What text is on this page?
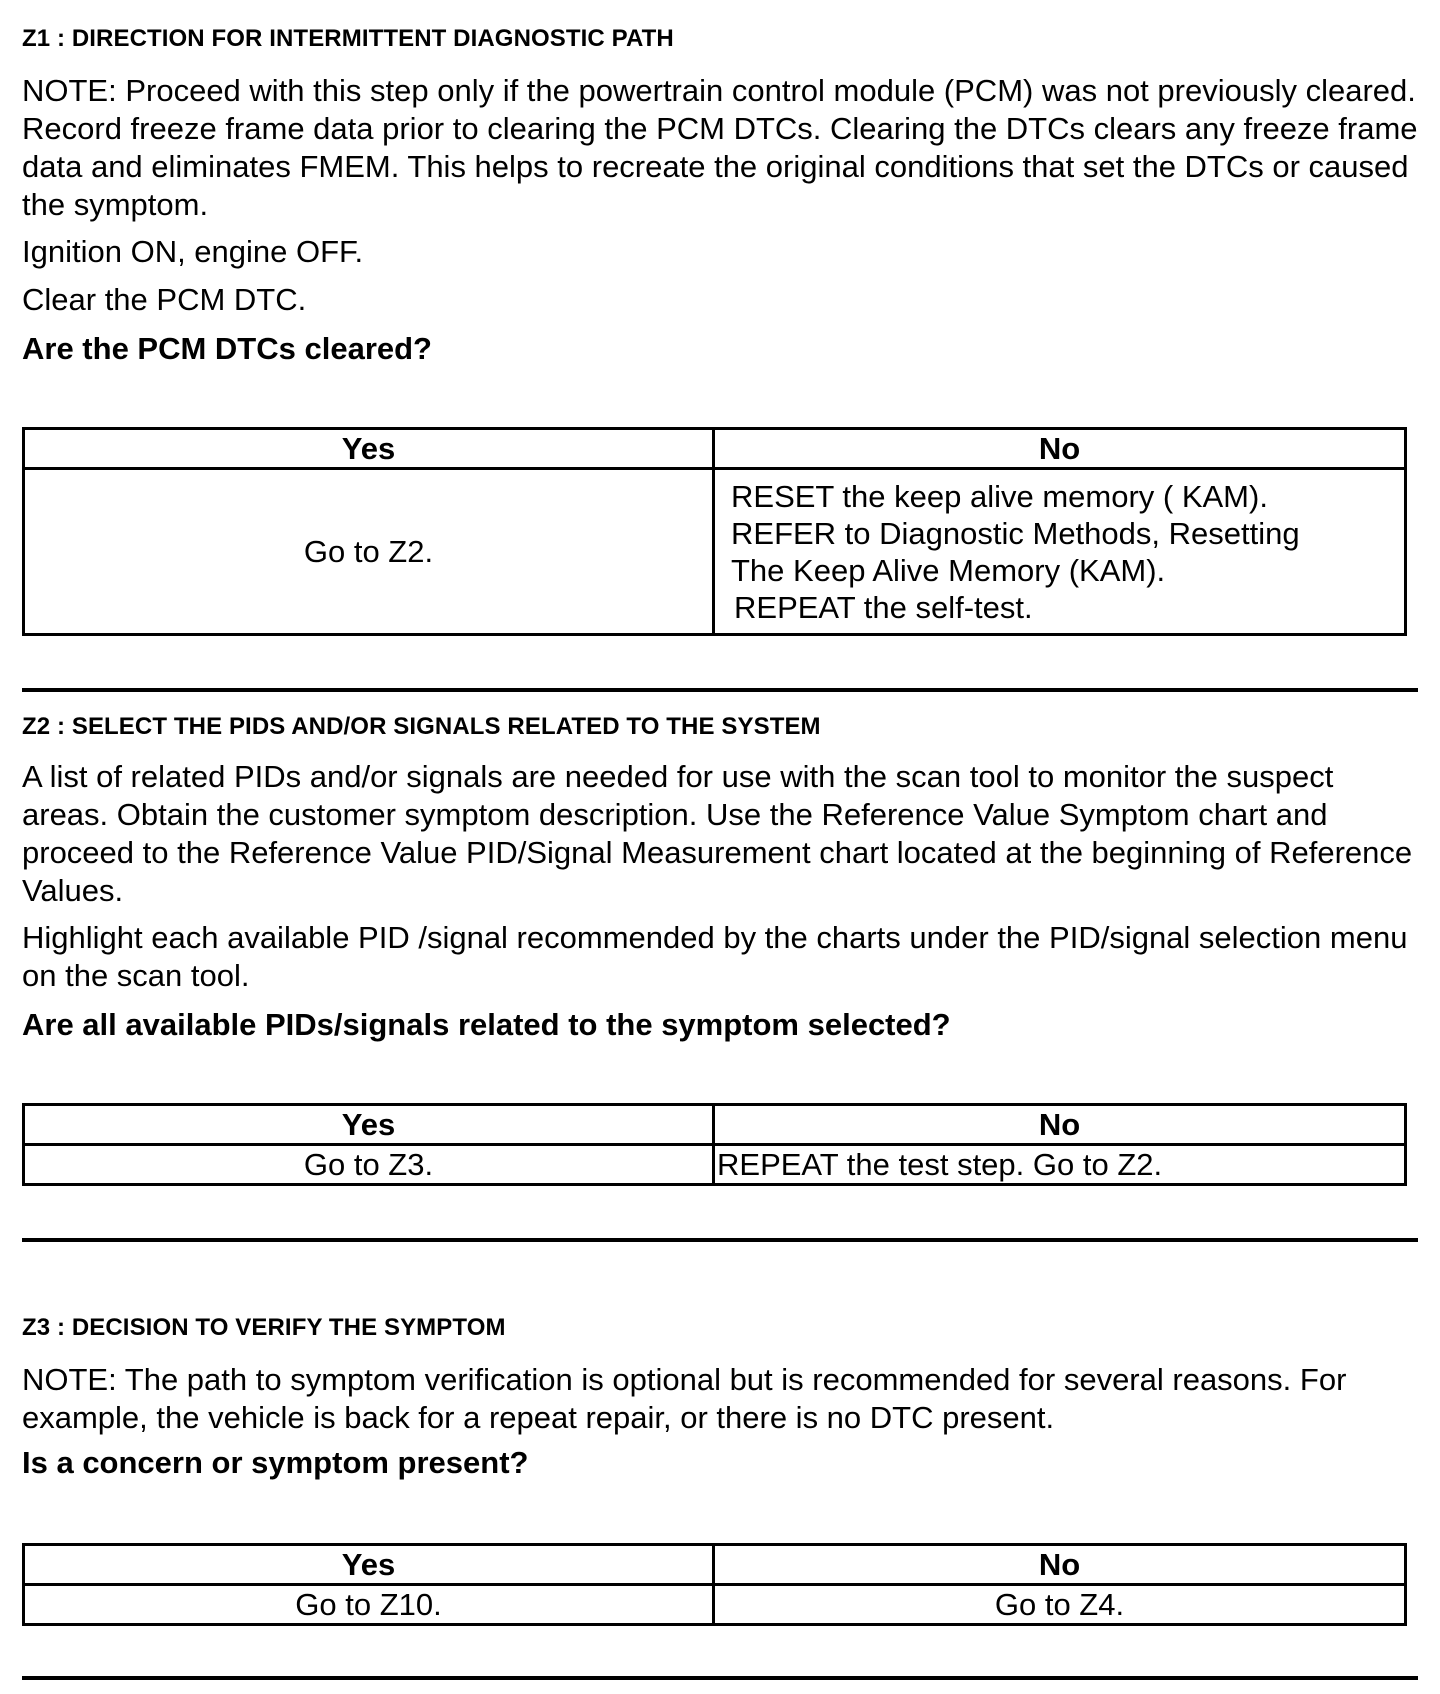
Z1 : DIRECTION FOR INTERMITTENT DIAGNOSTIC PATH

NOTE: Proceed with this step only if the powertrain control module (PCM) was not previously cleared. Record freeze frame data prior to clearing the PCM DTCs. Clearing the DTCs clears any freeze frame data and eliminates FMEM. This helps to recreate the original conditions that set the DTCs or caused the symptom.

Ignition ON, engine OFF.

Clear the PCM DTC.

Are the PCM DTCs cleared?

Yes	No
Go to Z2.	RESET the keep alive memory ( KAM).
REFER to Diagnostic Methods, Resetting
The Keep Alive Memory (KAM).
REPEAT the self-test.
Z2 : SELECT THE PIDS AND/OR SIGNALS RELATED TO THE SYSTEM

A list of related PIDs and/or signals are needed for use with the scan tool to monitor the suspect areas. Obtain the customer symptom description. Use the Reference Value Symptom chart and proceed to the Reference Value PID/Signal Measurement chart located at the beginning of Reference Values.

Highlight each available PID /signal recommended by the charts under the PID/signal selection menu on the scan tool.

Are all available PIDs/signals related to the symptom selected?

Yes	No
Go to Z3.	REPEAT the test step. Go to Z2.
Z3 : DECISION TO VERIFY THE SYMPTOM

NOTE: The path to symptom verification is optional but is recommended for several reasons. For example, the vehicle is back for a repeat repair, or there is no DTC present.

Is a concern or symptom present?

Yes	No
Go to Z10.	Go to Z4.
